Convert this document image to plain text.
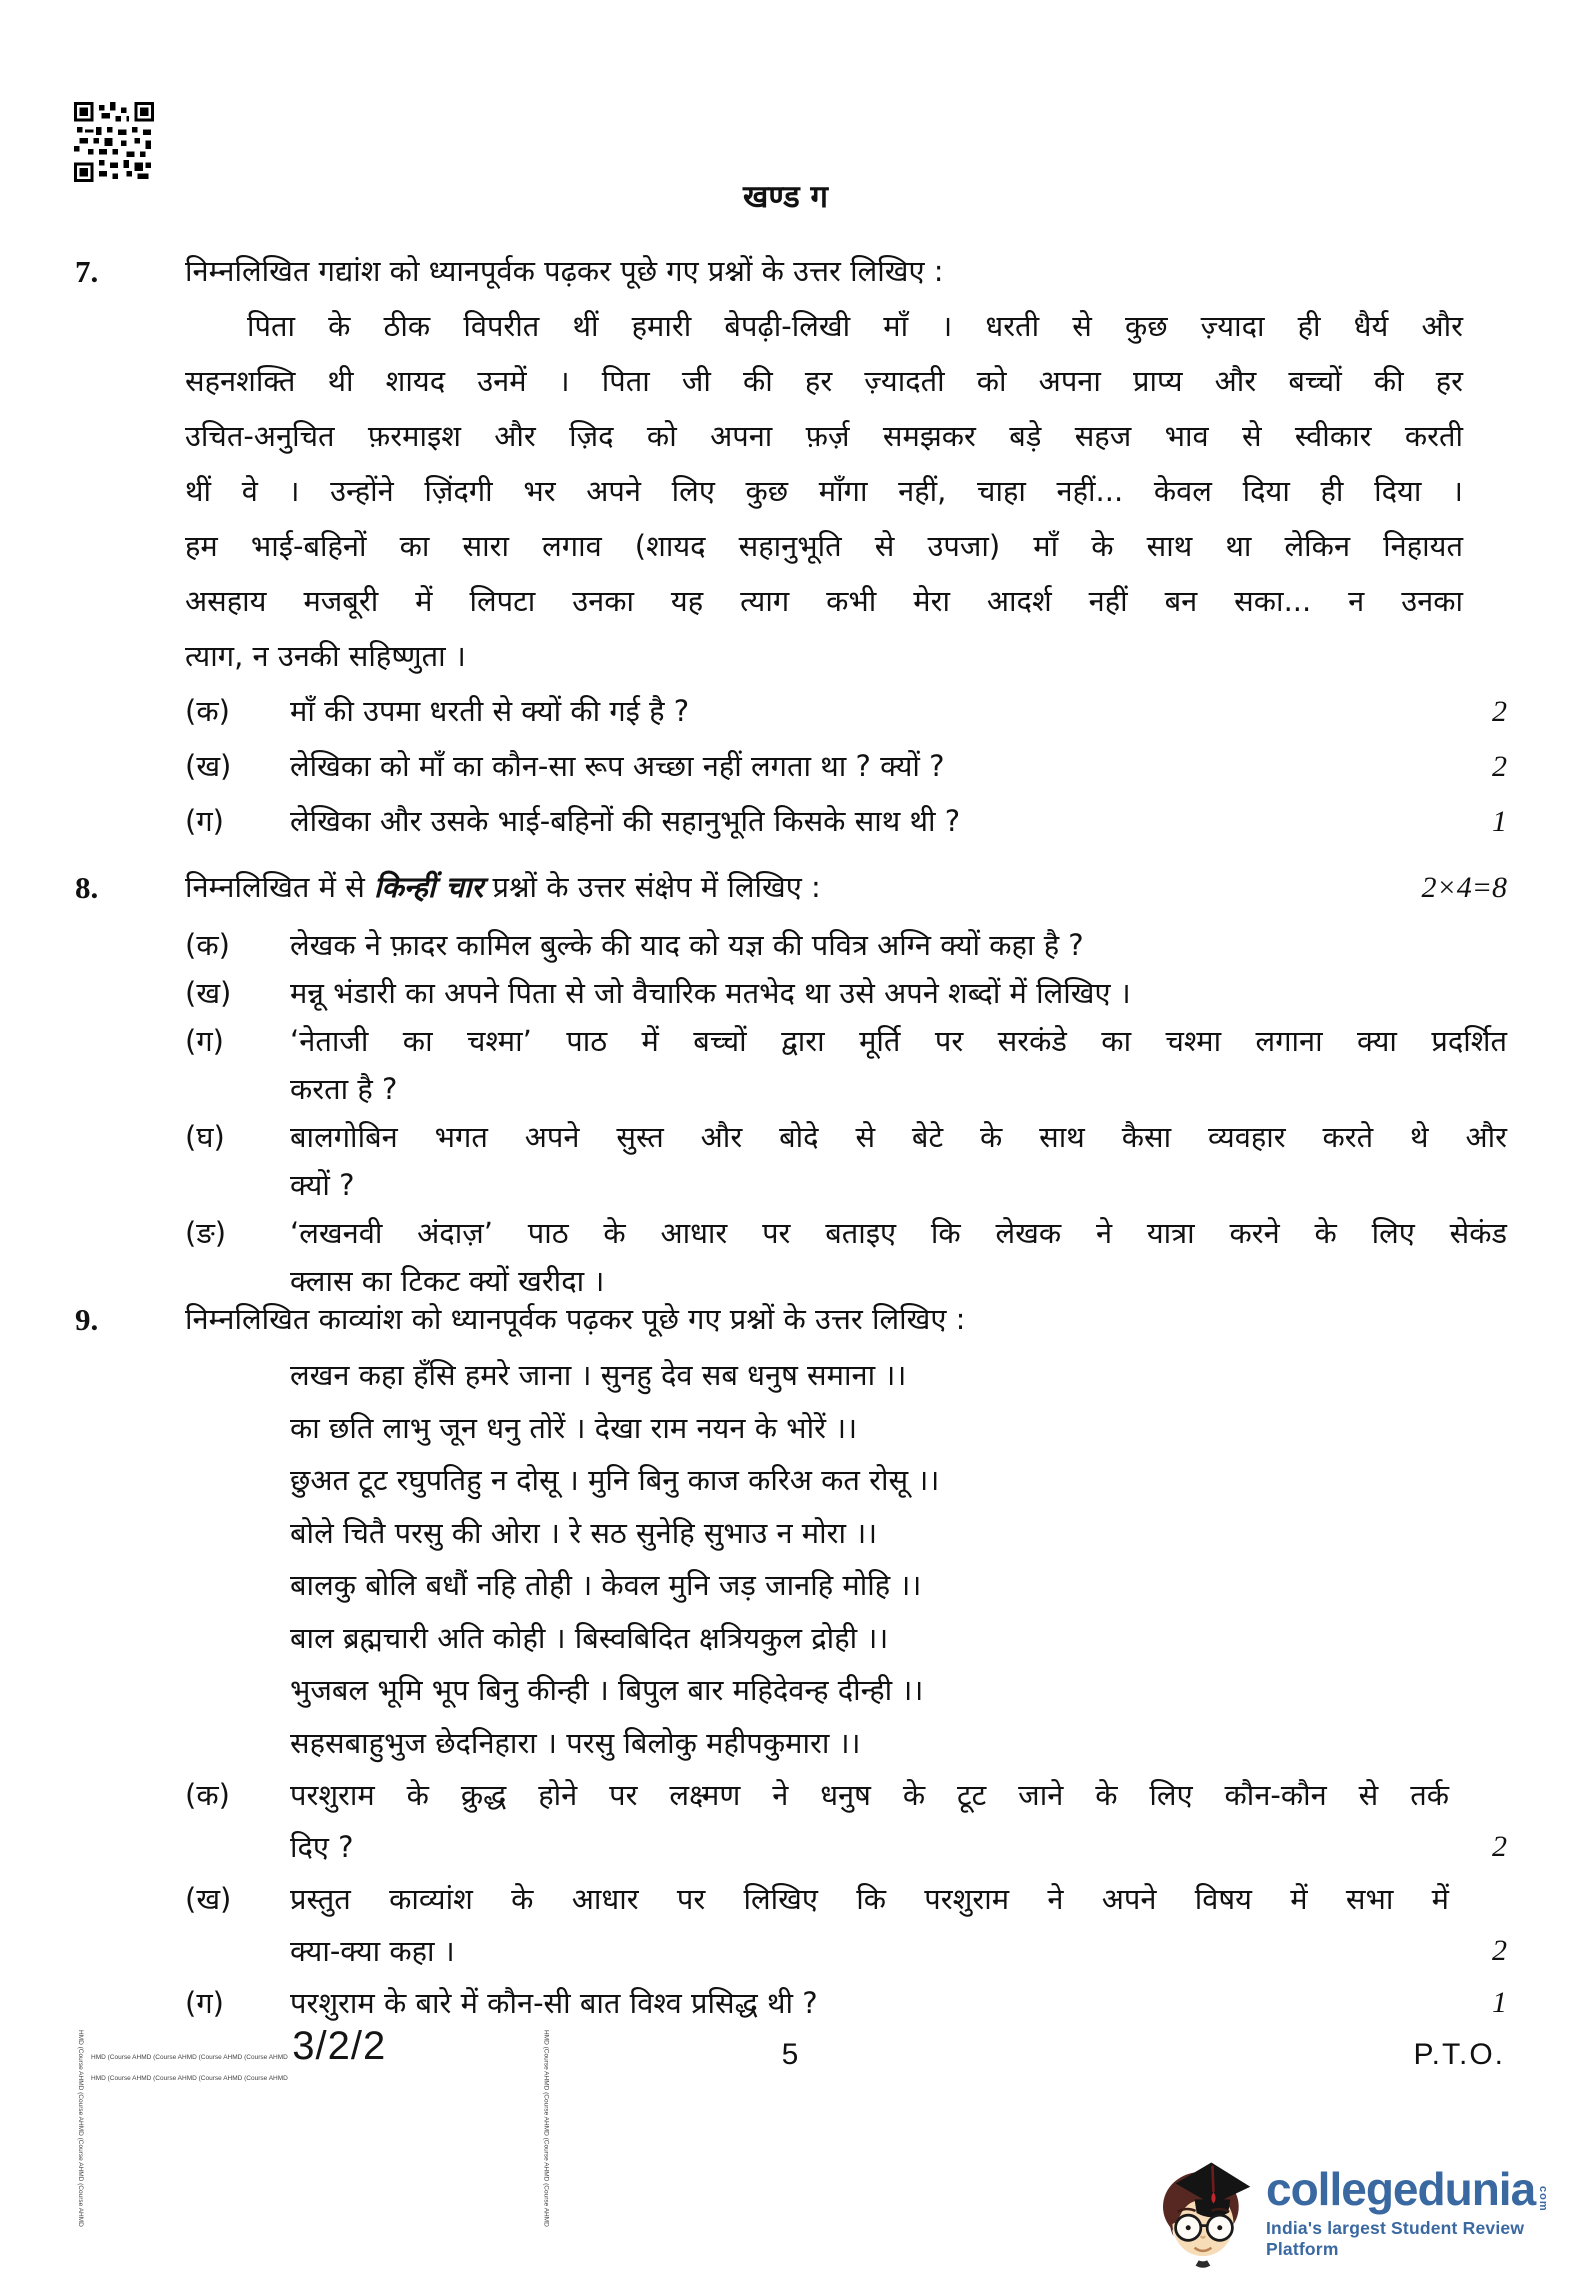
खण्ड ग
7.	निम्नलिखित गद्यांश को ध्यानपूर्वक पढ़कर पूछे गए प्रश्नों के उत्तर लिखिए :
पिता के ठीक विपरीत थीं हमारी बेपढ़ी-लिखी माँ । धरती से कुछ ज़्यादा ही धैर्य और
सहनशक्ति थी शायद उनमें । पिता जी की हर ज़्यादती को अपना प्राप्य और बच्चों की हर
उचित-अनुचित फ़रमाइश और ज़िद को अपना फ़र्ज़ समझकर बड़े सहज भाव से स्वीकार करती
थीं वे । उन्होंने ज़िंदगी भर अपने लिए कुछ माँगा नहीं, चाहा नहीं... केवल दिया ही दिया ।
हम भाई-बहिनों का सारा लगाव (शायद सहानुभूति से उपजा) माँ के साथ था लेकिन निहायत
असहाय मजबूरी में लिपटा उनका यह त्याग कभी मेरा आदर्श नहीं बन सका... न उनका
त्याग, न उनकी सहिष्णुता ।
(क)	माँ की उपमा धरती से क्यों की गई है ?	2
(ख)	लेखिका को माँ का कौन-सा रूप अच्छा नहीं लगता था ? क्यों ?	2
(ग)	लेखिका और उसके भाई-बहिनों की सहानुभूति किसके साथ थी ?	1
8.	निम्नलिखित में से किन्हीं चार प्रश्नों के उत्तर संक्षेप में लिखिए :	2×4=8
(क)	लेखक ने फ़ादर कामिल बुल्के की याद को यज्ञ की पवित्र अग्नि क्यों कहा है ?
(ख)	मन्नू भंडारी का अपने पिता से जो वैचारिक मतभेद था उसे अपने शब्दों में लिखिए ।
(ग)	‘नेताजी का चश्मा’ पाठ में बच्चों द्वारा मूर्ति पर सरकंडे का चश्मा लगाना क्या प्रदर्शित
करता है ?
(घ)	बालगोबिन भगत अपने सुस्त और बोदे से बेटे के साथ कैसा व्यवहार करते थे और
क्यों ?
(ङ)	‘लखनवी अंदाज़’ पाठ के आधार पर बताइए कि लेखक ने यात्रा करने के लिए सेकंड
क्लास का टिकट क्यों खरीदा ।
9.	निम्नलिखित काव्यांश को ध्यानपूर्वक पढ़कर पूछे गए प्रश्नों के उत्तर लिखिए :
लखन कहा हँसि हमरे जाना । सुनहु देव सब धनुष समाना ।।
का छति लाभु जून धनु तोरें । देखा राम नयन के भोरें ।।
छुअत टूट रघुपतिहु न दोसू । मुनि बिनु काज करिअ कत रोसू ।।
बोले चितै परसु की ओरा । रे सठ सुनेहि सुभाउ न मोरा ।।
बालकु बोलि बधौं नहि तोही । केवल मुनि जड़ जानहि मोहि ।।
बाल ब्रह्मचारी अति कोही । बिस्वबिदित क्षत्रियकुल द्रोही ।।
भुजबल भूमि भूप बिनु कीन्ही । बिपुल बार महिदेवन्ह दीन्ही ।।
सहसबाहुभुज छेदनिहारा । परसु बिलोकु महीपकुमारा ।।
(क)	परशुराम के क्रुद्ध होने पर लक्ष्मण ने धनुष के टूट जाने के लिए कौन-कौन से तर्क
दिए ?	2
(ख)	प्रस्तुत काव्यांश के आधार पर लिखिए कि परशुराम ने अपने विषय में सभा में
क्या-क्या कहा ।	2
(ग)	परशुराम के बारे में कौन-सी बात विश्व प्रसिद्ध थी ?	1
HMD (Course AHMD (Course AHMD (Course AHMD (Course AHMD 3/2/2 HMD (Course AHMD (Course AHMD (Course AHMD (Course AHMD
HMD (Course AHMD (Course AHMD (Course AHMD (Course AHMD	HMD (Course AHMD (Course AHMD (Course AHMD (Course AHMD	5	P.T.O.
collegedunia com
India's largest Student Review Platform
